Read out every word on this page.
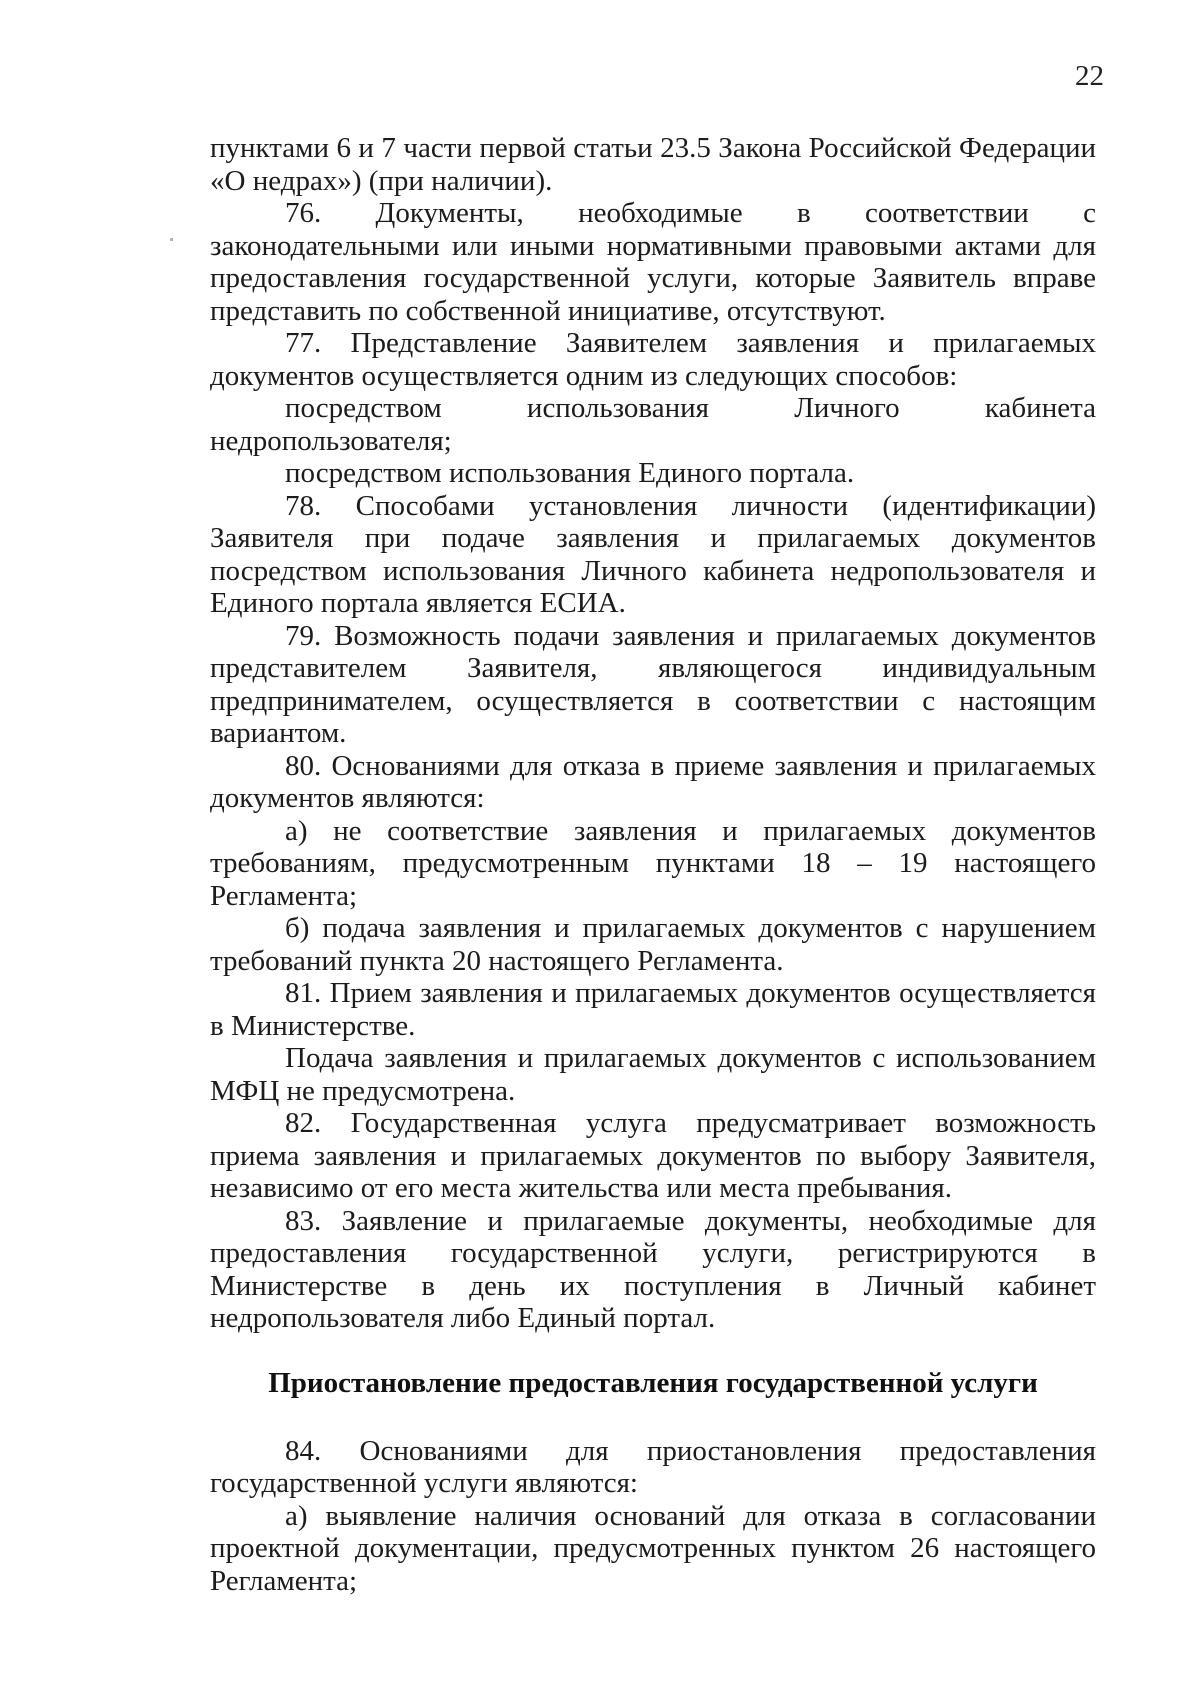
22

пунктами 6 и 7 части первой статьи 23.5 Закона Российской Федерации «О недрах») (при наличии).

76. Документы, необходимые в соответствии с законодательными или иными нормативными правовыми актами для предоставления государственной услуги, которые Заявитель вправе представить по собственной инициативе, отсутствуют.

77. Представление Заявителем заявления и прилагаемых документов осуществляется одним из следующих способов:

посредством использования Личного кабинета недропользователя;

посредством использования Единого портала.

78. Способами установления личности (идентификации) Заявителя при подаче заявления и прилагаемых документов посредством использования Личного кабинета недропользователя и Единого портала является ЕСИА.

79. Возможность подачи заявления и прилагаемых документов представителем Заявителя, являющегося индивидуальным предпринимателем, осуществляется в соответствии с настоящим вариантом.

80. Основаниями для отказа в приеме заявления и прилагаемых документов являются:

а) не соответствие заявления и прилагаемых документов требованиям, предусмотренным пунктами 18 – 19 настоящего Регламента;

б) подача заявления и прилагаемых документов с нарушением требований пункта 20 настоящего Регламента.

81. Прием заявления и прилагаемых документов осуществляется в Министерстве.

Подача заявления и прилагаемых документов с использованием МФЦ не предусмотрена.

82. Государственная услуга предусматривает возможность приема заявления и прилагаемых документов по выбору Заявителя, независимо от его места жительства или места пребывания.

83. Заявление и прилагаемые документы, необходимые для предоставления государственной услуги, регистрируются в Министерстве в день их поступления в Личный кабинет недропользователя либо Единый портал.

Приостановление предоставления государственной услуги

84. Основаниями для приостановления предоставления государственной услуги являются:

а) выявление наличия оснований для отказа в согласовании проектной документации, предусмотренных пунктом 26 настоящего Регламента;
